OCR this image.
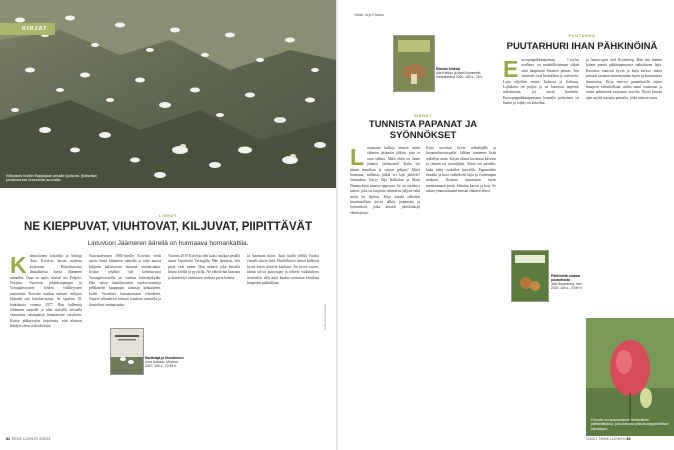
KIRJAT
Kittiwakes huittiin Rappajaan pesälle kyötovat. (Kittiwake) pesäkoloniaa Vuoreamin suovailla.
LINNUT
NE KIEPPUVAT, VIUHTOVAT, KILJUVAT, PIIPITTÄVÄT
Lintuvuori Jäämeren äärellä on hurmaava hornankattila.
K uhmolainen kirjailija ja biologi Aura Koivisto kuvaa uudessa kirjassaan Riimulintoisia lintuaiheisia kuvia Jäämeren rannoilta. Osan on myös ottanut itse Pohjois-Norjaan. Vuoretan pikkukaupungin ja Varanginvuonon kyläen välikkyysten maisemiin. Koivisto matkaa tarkasti, miljoon lähestää sitä lintuharrastaja. Se tapahtui 18. huhtikuuta vuonna 1977. Hän kulkeutui Jäämeren rannalle ja näki sinisellä taivaalla veniuuttaa tuhanpäisiä linnutarvine varsineen. Kottin pikku-tytön kirjoitusta, että alatavat lentäjät olivat nokookeloita.
Nuoruudessaan 1980-luvulla Koivisto vietti useita kesiä Jäämeren rannalla ja tutki nuorta kiljuvan kaloitsuvan huomaa ominaisuutta. Joskus tyhjäksi tuli kolmasvuosi Varanginvuonolla tai vanhan kalastajakylän. Hän saivat hanttihuonetta vuokra-asuntoja pelikaiteen kauppiaan sataman keskuuteen, koteli Vuodosta kutsumassaan rilstaksesi. Nuoret tallaantivat kitkarit kaulassa rannoilla ja ihastelivat ominaisuutta.
Marttelaja ja linnuthmosi
Aura Koivisto. Minerva 2020. 190 s., 10,95 e.
Vuonna 2019 Koivisto teki kaksi matkaa pesällä aivan Tuonnesin Varangilla. Hän huomasi, että pesät ovat samat. Hän tarkasti joka kerralla linnut kivillä ja pyykillä. Ne välteliväät kaarnan ja kiinnitetyt toimineen yhdessä parin kanssa.
Ja huomaan ikävä. Juuri tuolla välillä Vuoksi vieraili oikein tietä. Huolellisesti lennot kulkivat hyvin kuten riittävät kaukana. Jos kiven vuoret, linnut olivat painorajan ja tekivät vaikutuksen tieteenkin, sillä mitä kuulua toisinaan kiiruhtaa lempeästi paikoillaan.
Kuva: Aura Koivisto
82 TIEDE LUONTO 2/2021
Teksti: Arja Kiviaho
Elämän ilmästä
Aila Kalliola ja Matti Nummelin. Karttakeskus 2020. 160 s., 29 e.
SIENET
TUNNISTA PAPANAT JA SYÖNNÖKSET
L uonnossa kulkija törmää usein eläinten jättämiin jälkiin, joita ei osaa tulkita. Mikä eläin on tänne jättänyt jätöksensä? Kuka söi tämän mustikan ja sienen pohjan? Mistä tunnistaa, millaisia jälkiä eri lajit jättävät? Vastauksia löytyy Eija Kalliolan ja Matti Nummelinin maasto-oppaasta. Se on täyttänyt aukon, joka on laajoista tuhansista jäljistä sekä myös eri lajeista. Kirja esittää selkeästi havainnollisin kuvin jälkiä, papanoita ja syönnöksiä, jotka antavat johtolankoja eläinlajeista.
Kirja soveltuu hyvin retkeilijälle ja luonnonharrastajalle. Jälkien tuntemus lisää retkeilyn antia. Kirjan alussa kuvataan kasvien ja sienten eri syöntijäljet. Niistä voi päätellä, kuka eläin ruokailee kasveilla. Papanoiden muodot ja koot vaihtelevat lajin ja vuodenajan mukaan. Kirjassa opastetaan myös tunnistamaan pesät, eläinten karvat ja luut. Se auttaa ymmärtämään metsän eläinten arkea.
PUUTARHA
PUUTARHURI IHAN PÄHKINÖINÄ
E uroopanpähkinäpensas, Corylus avellana, on mahdollisimman sitkeä sekä lämpimän Suomen pensas. Sen siemenet ovat herkullisia ja ravitsevia. Lajia viljeltiin ennen Turkissa ja Italiassa. Lajikkeita on paljon ja ne kasvavat nopeasti tutkittavana, jos niistä huolehtii. Euroopanpähkinäpensaan kannalta pohjoinen on haaste ja viljely on kokeilua.
Pähkinöitä omasta puutarhasta
Joel Rosenberg. Into 2020. 166 s., 24,90 e.
ja luonto-opas Joel Rosenberg. Hän itse hankki kolme pientä pähkinäpensasta tutkiakseen lajia. Kasvatus onnistui hyvin ja kirja kertoo, miten pensaat saadaan menestymään myös kylmemmässä ilmastossa. Kirja neuvoo puutarhurille miten maaperä valmistellaan, miten taimi istutetaan ja miten pähkinöitä suojataan oravilta. Niistä kasvaa ajan myötä runsaita pensaita, jotka antavat satoa.
Ohoutin on loukoorainen ihmeellinen pähkinäkukka, joka kasvaa pikkukumppaneittaan kiinnittyen.
2/2021 TIEDE LUONTO 83
